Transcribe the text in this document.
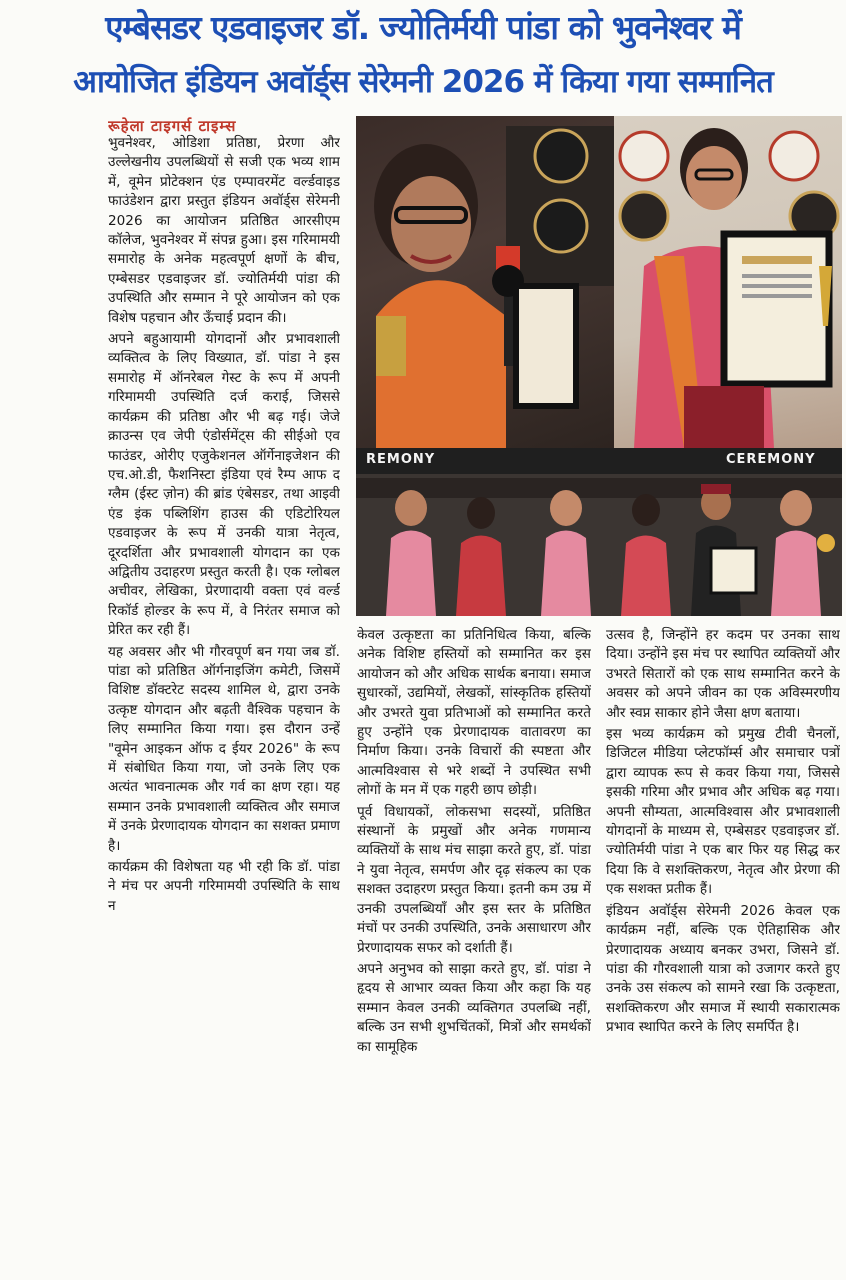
एम्बेसडर एडवाइजर डॉ. ज्योतिर्मयी पांडा को भुवनेश्वर में
आयोजित इंडियन अवॉर्ड्स सेरेमनी 2026 में किया गया सम्मानित
रूहेला टाइगर्स टाइम्स

भुवनेश्वर, ओडिशा प्रतिष्ठा, प्रेरणा और उल्लेखनीय उपलब्धियों से सजी एक भव्य शाम में, वूमेन प्रोटेक्शन एंड एम्पावरमेंट वर्ल्डवाइड फाउंडेशन द्वारा प्रस्तुत इंडियन अवॉर्ड्स सेरेमनी 2026 का आयोजन प्रतिष्ठित आरसीएम कॉलेज, भुवनेश्वर में संपन्न हुआ। इस गरिमामयी समारोह के अनेक महत्वपूर्ण क्षणों के बीच, एम्बेसडर एडवाइजर डॉ. ज्योतिर्मयी पांडा की उपस्थिति और सम्मान ने पूरे आयोजन को एक विशेष पहचान और ऊँचाई प्रदान की।

अपने बहुआयामी योगदानों और प्रभावशाली व्यक्तित्व के लिए विख्यात, डॉ. पांडा ने इस समारोह में ऑनरेबल गेस्ट के रूप में अपनी गरिमामयी उपस्थिति दर्ज कराई, जिससे कार्यक्रम की प्रतिष्ठा और भी बढ़ गई। जेजे क्राउन्स एव जेपी एंडोर्समेंट्स की सीईओ एव फाउंडर, ओरीए एजुकेशनल ऑर्गेनाइजेशन की एच.ओ.डी, फैशनिस्टा इंडिया एवं रैम्प आफ द ग्लैम (ईस्ट ज़ोन) की ब्रांड एंबेसडर, तथा आइवी एंड इंक पब्लिशिंग हाउस की एडिटोरियल एडवाइजर के रूप में उनकी यात्रा नेतृत्व, दूरदर्शिता और प्रभावशाली योगदान का एक अद्वितीय उदाहरण प्रस्तुत करती है। एक ग्लोबल अचीवर, लेखिका, प्रेरणादायी वक्ता एवं वर्ल्ड रिकॉर्ड होल्डर के रूप में, वे निरंतर समाज को प्रेरित कर रही हैं।

यह अवसर और भी गौरवपूर्ण बन गया जब डॉ. पांडा को प्रतिष्ठित ऑर्गनाइजिंग कमेटी, जिसमें विशिष्ट डॉक्टरेट सदस्य शामिल थे, द्वारा उनके उत्कृष्ट योगदान और बढ़ती वैश्विक पहचान के लिए सम्मानित किया गया। इस दौरान उन्हें "वूमेन आइकन ऑफ द ईयर 2026" के रूप में संबोधित किया गया, जो उनके लिए एक अत्यंत भावनात्मक और गर्व का क्षण रहा। यह सम्मान उनके प्रभावशाली व्यक्तित्व और समाज में उनके प्रेरणादायक योगदान का सशक्त प्रमाण है।

कार्यक्रम की विशेषता यह भी रही कि डॉ. पांडा ने मंच पर अपनी गरिमामयी उपस्थिति के साथ न

REMONY	CEREMONY

केवल उत्कृष्टता का प्रतिनिधित्व किया, बल्कि अनेक विशिष्ट हस्तियों को सम्मानित कर इस आयोजन को और अधिक सार्थक बनाया। समाज सुधारकों, उद्यमियों, लेखकों, सांस्कृतिक हस्तियों और उभरते युवा प्रतिभाओं को सम्मानित करते हुए उन्होंने एक प्रेरणादायक वातावरण का निर्माण किया। उनके विचारों की स्पष्टता और आत्मविश्वास से भरे शब्दों ने उपस्थित सभी लोगों के मन में एक गहरी छाप छोड़ी।

पूर्व विधायकों, लोकसभा सदस्यों, प्रतिष्ठित संस्थानों के प्रमुखों और अनेक गणमान्य व्यक्तियों के साथ मंच साझा करते हुए, डॉ. पांडा ने युवा नेतृत्व, समर्पण और दृढ़ संकल्प का एक सशक्त उदाहरण प्रस्तुत किया। इतनी कम उम्र में उनकी उपलब्धियाँ और इस स्तर के प्रतिष्ठित मंचों पर उनकी उपस्थिति, उनके असाधारण और प्रेरणादायक सफर को दर्शाती हैं।

अपने अनुभव को साझा करते हुए, डॉ. पांडा ने हृदय से आभार व्यक्त किया और कहा कि यह सम्मान केवल उनकी व्यक्तिगत उपलब्धि नहीं, बल्कि उन सभी शुभचिंतकों, मित्रों और समर्थकों का सामूहिक

उत्सव है, जिन्होंने हर कदम पर उनका साथ दिया। उन्होंने इस मंच पर स्थापित व्यक्तियों और उभरते सितारों को एक साथ सम्मानित करने के अवसर को अपने जीवन का एक अविस्मरणीय और स्वप्न साकार होने जैसा क्षण बताया।

इस भव्य कार्यक्रम को प्रमुख टीवी चैनलों, डिजिटल मीडिया प्लेटफॉर्म्स और समाचार पत्रों द्वारा व्यापक रूप से कवर किया गया, जिससे इसकी गरिमा और प्रभाव और अधिक बढ़ गया। अपनी सौम्यता, आत्मविश्वास और प्रभावशाली योगदानों के माध्यम से, एम्बेसडर एडवाइजर डॉ. ज्योतिर्मयी पांडा ने एक बार फिर यह सिद्ध कर दिया कि वे सशक्तिकरण, नेतृत्व और प्रेरणा की एक सशक्त प्रतीक हैं।

इंडियन अवॉर्ड्स सेरेमनी 2026 केवल एक कार्यक्रम नहीं, बल्कि एक ऐतिहासिक और प्रेरणादायक अध्याय बनकर उभरा, जिसने डॉ. पांडा की गौरवशाली यात्रा को उजागर करते हुए उनके उस संकल्प को सामने रखा कि उत्कृष्टता, सशक्तिकरण और समाज में स्थायी सकारात्मक प्रभाव स्थापित करने के लिए समर्पित है।
